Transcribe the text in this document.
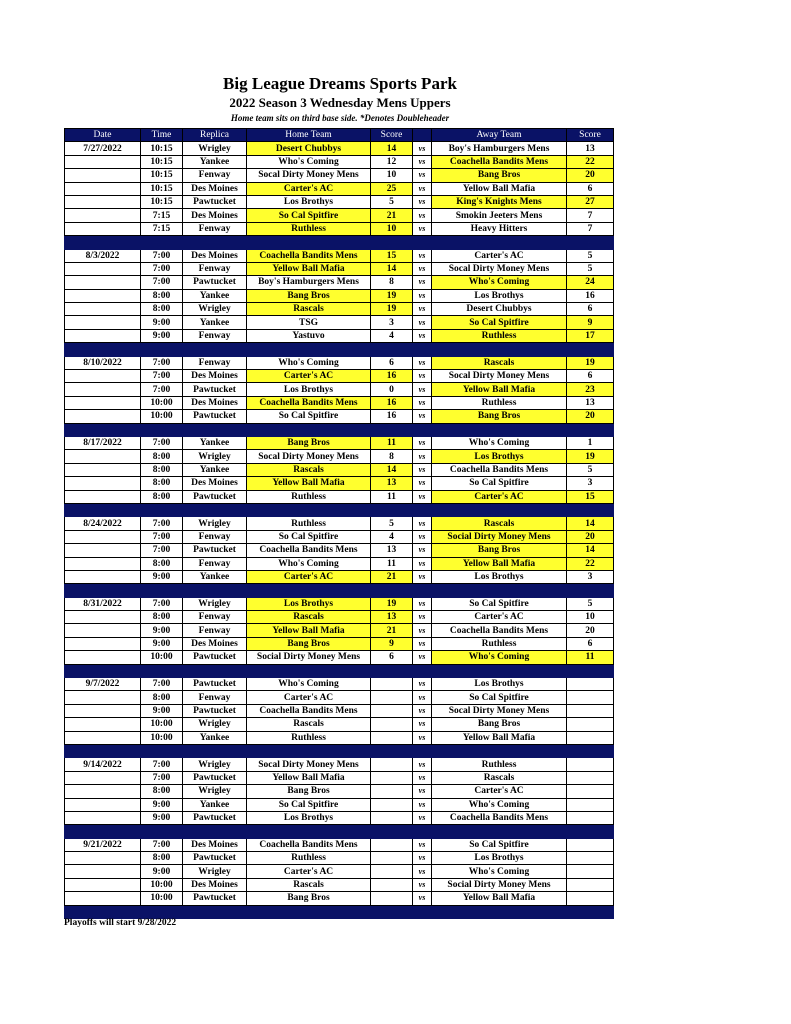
Big League Dreams Sports Park
2022 Season 3 Wednesday Mens Uppers
Home team sits on third base side. *Denotes Doubleheader
Date	Time	Replica	Home Team	Score		Away Team	Score
7/27/2022	10:15	Wrigley	Desert Chubbys	14	vs	Boy's Hamburgers Mens	13
	10:15	Yankee	Who's Coming	12	vs	Coachella Bandits Mens	22
	10:15	Fenway	Socal Dirty Money Mens	10	vs	Bang Bros	20
	10:15	Des Moines	Carter's AC	25	vs	Yellow Ball Mafia	6
	10:15	Pawtucket	Los Brothys	5	vs	King's Knights Mens	27
	7:15	Des Moines	So Cal Spitfire	21	vs	Smokin Jeeters Mens	7
	7:15	Fenway	Ruthless	10	vs	Heavy Hitters	7

8/3/2022	7:00	Des Moines	Coachella Bandits Mens	15	vs	Carter's AC	5
	7:00	Fenway	Yellow Ball Mafia	14	vs	Socal Dirty Money Mens	5
	7:00	Pawtucket	Boy's Hamburgers Mens	8	vs	Who's Coming	24
	8:00	Yankee	Bang Bros	19	vs	Los Brothys	16
	8:00	Wrigley	Rascals	19	vs	Desert Chubbys	6
	9:00	Yankee	TSG	3	vs	So Cal Spitfire	9
	9:00	Fenway	Yastuvo	4	vs	Ruthless	17

8/10/2022	7:00	Fenway	Who's Coming	6	vs	Rascals	19
	7:00	Des Moines	Carter's AC	16	vs	Socal Dirty Money Mens	6
	7:00	Pawtucket	Los Brothys	0	vs	Yellow Ball Mafia	23
	10:00	Des Moines	Coachella Bandits Mens	16	vs	Ruthless	13
	10:00	Pawtucket	So Cal Spitfire	16	vs	Bang Bros	20

8/17/2022	7:00	Yankee	Bang Bros	11	vs	Who's Coming	1
	8:00	Wrigley	Socal Dirty Money Mens	8	vs	Los Brothys	19
	8:00	Yankee	Rascals	14	vs	Coachella Bandits Mens	5
	8:00	Des Moines	Yellow Ball Mafia	13	vs	So Cal Spitfire	3
	8:00	Pawtucket	Ruthless	11	vs	Carter's AC	15

8/24/2022	7:00	Wrigley	Ruthless	5	vs	Rascals	14
	7:00	Fenway	So Cal Spitfire	4	vs	Social Dirty Money Mens	20
	7:00	Pawtucket	Coachella Bandits Mens	13	vs	Bang Bros	14
	8:00	Fenway	Who's Coming	11	vs	Yellow Ball Mafia	22
	9:00	Yankee	Carter's AC	21	vs	Los Brothys	3

8/31/2022	7:00	Wrigley	Los Brothys	19	vs	So Cal Spitfire	5
	8:00	Fenway	Rascals	13	vs	Carter's AC	10
	9:00	Fenway	Yellow Ball Mafia	21	vs	Coachella Bandits Mens	20
	9:00	Des Moines	Bang Bros	9	vs	Ruthless	6
	10:00	Pawtucket	Social Dirty Money Mens	6	vs	Who's Coming	11

9/7/2022	7:00	Pawtucket	Who's Coming		vs	Los Brothys	
	8:00	Fenway	Carter's AC		vs	So Cal Spitfire	
	9:00	Pawtucket	Coachella Bandits Mens		vs	Socal Dirty Money Mens	
	10:00	Wrigley	Rascals		vs	Bang Bros	
	10:00	Yankee	Ruthless		vs	Yellow Ball Mafia	

9/14/2022	7:00	Wrigley	Socal Dirty Money Mens		vs	Ruthless	
	7:00	Pawtucket	Yellow Ball Mafia		vs	Rascals	
	8:00	Wrigley	Bang Bros		vs	Carter's AC	
	9:00	Yankee	So Cal Spitfire		vs	Who's Coming	
	9:00	Pawtucket	Los Brothys		vs	Coachella Bandits Mens	

9/21/2022	7:00	Des Moines	Coachella Bandits Mens		vs	So Cal Spitfire	
	8:00	Pawtucket	Ruthless		vs	Los Brothys	
	9:00	Wrigley	Carter's AC		vs	Who's Coming	
	10:00	Des Moines	Rascals		vs	Social Dirty Money Mens	
	10:00	Pawtucket	Bang Bros		vs	Yellow Ball Mafia	

Playoffs will start 9/28/2022
